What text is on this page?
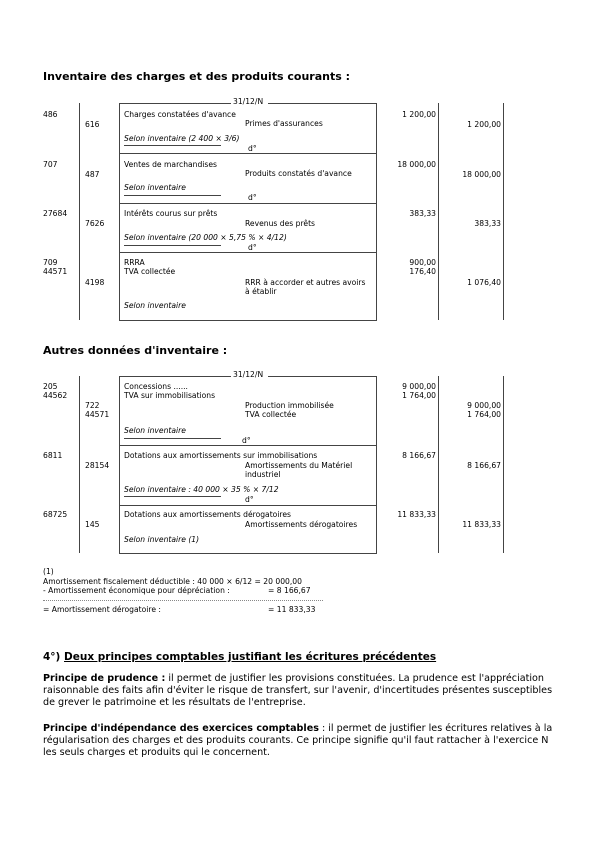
Inventaire des charges et des produits courants :
31/12/N
486
616
Charges constatées d'avance
Primes d'assurances
Selon inventaire (2 400 × 3/6)
d°
1 200,00
1 200,00
707
487
Ventes de marchandises
Produits constatés d'avance
Selon inventaire
d°
18 000,00
18 000,00
27684
7626
Intérêts courus sur prêts
Revenus des prêts
Selon inventaire (20 000 × 5,75 % × 4/12)
d°
383,33
383,33
709
44571
4198
RRRA
TVA collectée
RRR à accorder et autres avoirs
à établir
Selon inventaire
900,00
176,40
1 076,40
Autres données d'inventaire :
31/12/N
205
44562
722
44571
Concessions ......
TVA sur immobilisations
Production immobilisée
TVA collectée
Selon inventaire
d°
9 000,00
1 764,00
9 000,00
1 764,00
6811
28154
Dotations aux amortissements sur immobilisations
Amortissements du Matériel
industriel
Selon inventaire : 40 000 × 35 % × 7/12
d°
8 166,67
8 166,67
68725
145
Dotations aux amortissements dérogatoires
Amortissements dérogatoires
Selon inventaire (1)
11 833,33
11 833,33
(1)
Amortissement fiscalement déductible : 40 000 × 6/12 = 20 000,00
- Amortissement économique pour dépréciation :	= 8 166,67
= Amortissement dérogatoire :	= 11 833,33
4°) Deux principes comptables justifiant les écritures précédentes
Principe de prudence : il permet de justifier les provisions constituées. La prudence est l'appréciation raisonnable des faits afin d'éviter le risque de transfert, sur l'avenir, d'incertitudes présentes susceptibles de grever le patrimoine et les résultats de l'entreprise.
Principe d'indépendance des exercices comptables : il permet de justifier les écritures relatives à la régularisation des charges et des produits courants. Ce principe signifie qu'il faut rattacher à l'exercice N les seuls charges et produits qui le concernent.
